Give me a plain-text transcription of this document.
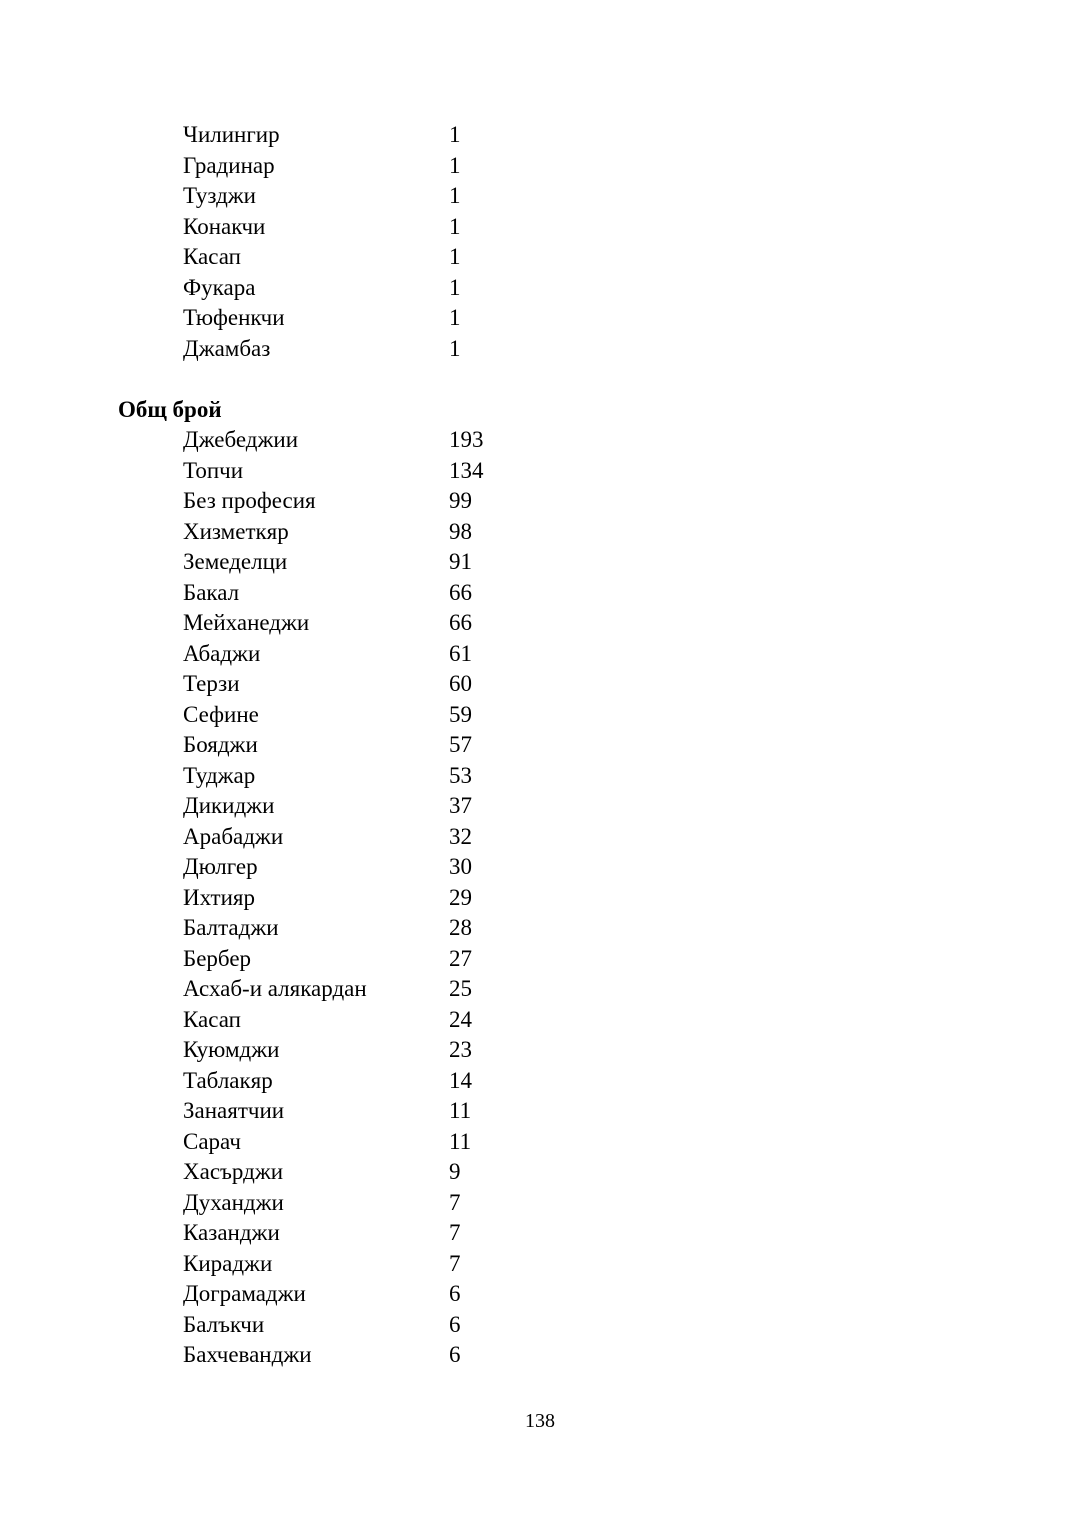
Чилингир	1
Градинар	1
Тузджи	1
Конакчи	1
Касап	1
Фукара	1
Тюфенкчи	1
Джамбаз	1
Общ брой
Джебеджии	193
Топчи	134
Без професия	99
Хизметкяр	98
Земеделци	91
Бакал	66
Мейханеджи	66
Абаджи	61
Терзи	60
Сефине	59
Бояджи	57
Туджар	53
Дикиджи	37
Арабаджи	32
Дюлгер	30
Ихтияр	29
Балтаджи	28
Бербер	27
Асхаб-и алякардан	25
Касап	24
Куюмджи	23
Таблакяр	14
Занаятчии	11
Сарач	11
Хасърджи	9
Духанджи	7
Казанджи	7
Кираджи	7
Дограмаджи	6
Балъкчи	6
Бахчеванджи	6
138
